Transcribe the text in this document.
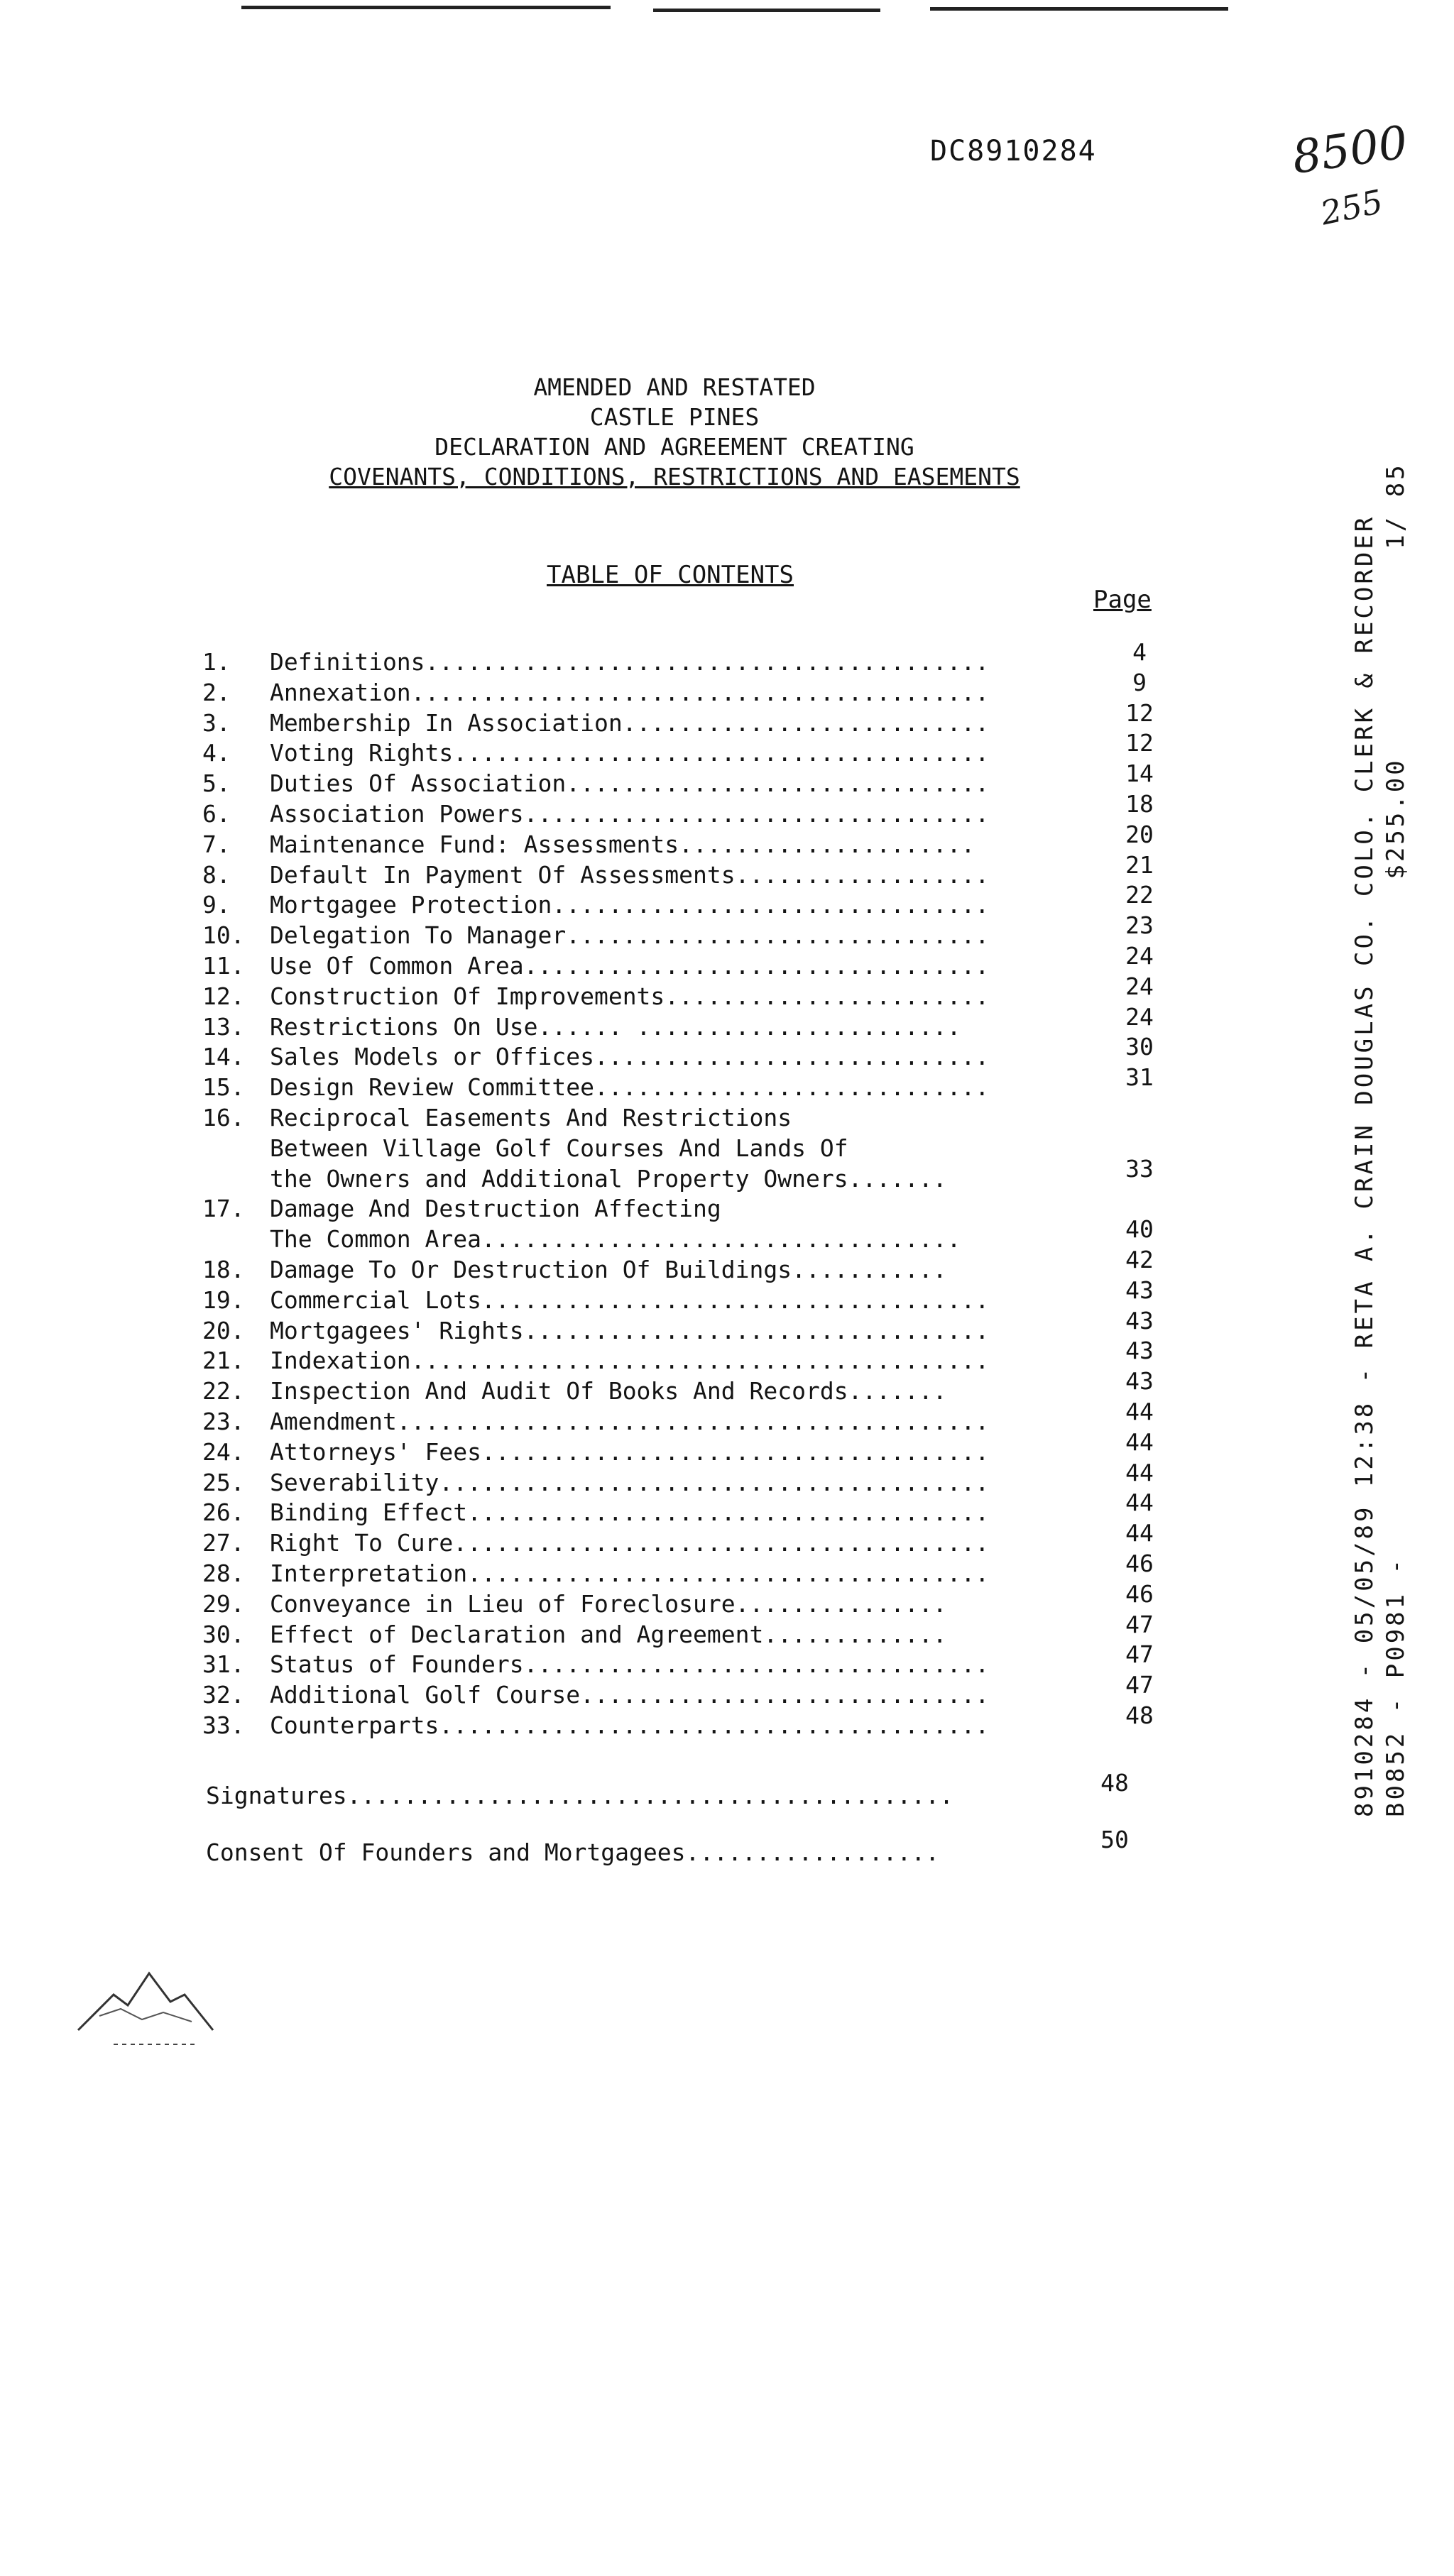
DC8910284	8500
255
AMENDED AND RESTATED
CASTLE PINES
DECLARATION AND AGREEMENT CREATING
COVENANTS, CONDITIONS, RESTRICTIONS AND EASEMENTS
TABLE OF CONTENTS
Page
1.	Definitions........................................	4
2.	Annexation.........................................	9
3.	Membership In Association..........................	12
4.	Voting Rights......................................	12
5.	Duties Of Association..............................	14
6.	Association Powers.................................	18
7.	Maintenance Fund: Assessments.....................	20
8.	Default In Payment Of Assessments..................	21
9.	Mortgagee Protection...............................	22
10.	Delegation To Manager..............................	23
11.	Use Of Common Area.................................	24
12.	Construction Of Improvements.......................	24
13.	Restrictions On Use...... .......................	24
14.	Sales Models or Offices............................	30
15.	Design Review Committee............................	31
16.	Reciprocal Easements And Restrictions
Between Village Golf Courses And Lands Of
the Owners and Additional Property Owners.......	33
17.	Damage And Destruction Affecting
The Common Area..................................	40
18.	Damage To Or Destruction Of Buildings...........	42
19.	Commercial Lots....................................	43
20.	Mortgagees' Rights.................................	43
21.	Indexation.........................................	43
22.	Inspection And Audit Of Books And Records.......	43
23.	Amendment..........................................	44
24.	Attorneys' Fees....................................	44
25.	Severability.......................................	44
26.	Binding Effect.....................................	44
27.	Right To Cure......................................	44
28.	Interpretation.....................................	46
29.	Conveyance in Lieu of Foreclosure...............	46
30.	Effect of Declaration and Agreement.............	47
31.	Status of Founders.................................	47
32.	Additional Golf Course.............................	47
33.	Counterparts.......................................	48
Signatures...........................................	48
Consent Of Founders and Mortgagees..................	50
8910284 - 05/05/89 12:38 - RETA A. CRAIN DOUGLAS CO. COLO. CLERK & RECORDER B0852 - P0981 -                                       $255.00            1/ 85
